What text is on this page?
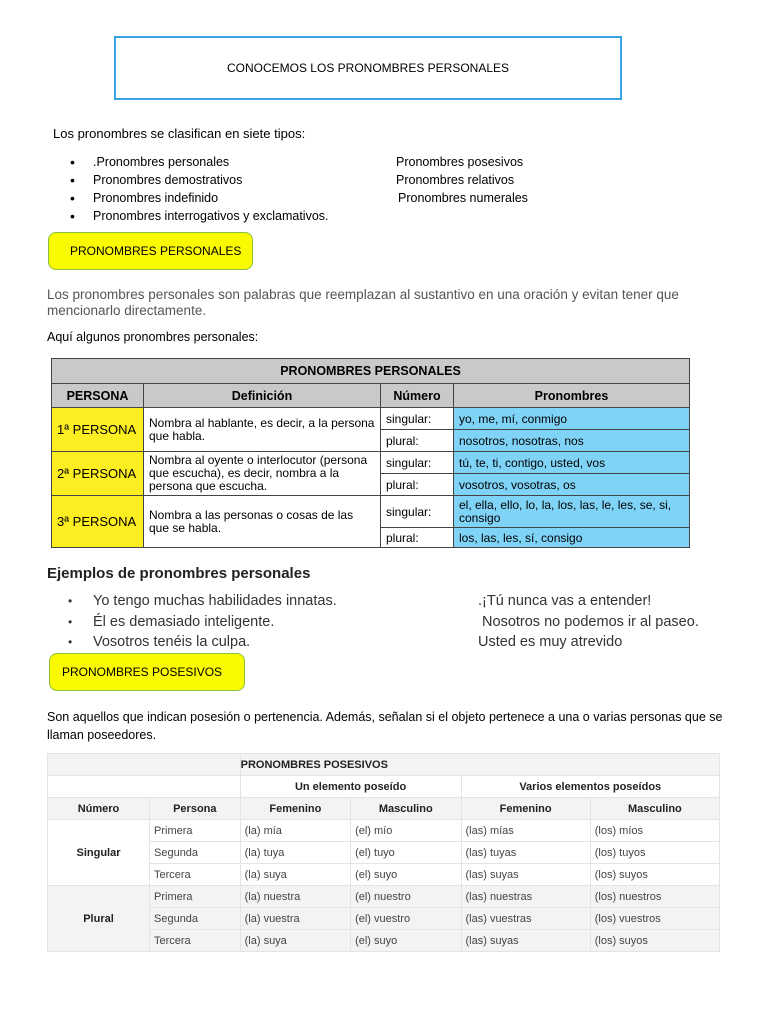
CONOCEMOS LOS PRONOMBRES PERSONALES
Los pronombres se clasifican en siete tipos:
•	.Pronombres personales	Pronombres posesivos
•	Pronombres demostrativos	Pronombres relativos
•	Pronombres indefinido	Pronombres numerales
•	Pronombres interrogativos y exclamativos.
PRONOMBRES PERSONALES
Los pronombres personales son palabras que reemplazan al sustantivo en una oración y evitan tener que mencionarlo directamente.
Aquí algunos pronombres personales:
PRONOMBRES PERSONALES			
PERSONA	Definición	Número	Pronombres
1ª PERSONA	Nombra al hablante, es decir, a la persona que habla.	singular:	yo, me, mí, conmigo
		plural:	nosotros, nosotras, nos
2ª PERSONA	Nombra al oyente o interlocutor (persona que escucha), es decir, nombra a la persona que escucha.	singular:	tú, te, ti, contigo, usted, vos
		plural:	vosotros, vosotras, os
3ª PERSONA	Nombra a las personas o cosas de las que se habla.	singular:	el, ella, ello, lo, la, los, las, le, les, se, si, consigo
		plural:	los, las, les, sí, consigo
Ejemplos de pronombres personales
•	Yo tengo muchas habilidades innatas.	.¡Tú nunca vas a entender!
•	Él es demasiado inteligente.	Nosotros no podemos ir al paseo.
•	Vosotros tenéis la culpa.	Usted es muy atrevido
PRONOMBRES POSESIVOS
Son aquellos que indican posesión o pertenencia. Además, señalan si el objeto pertenece a una o varias personas que se llaman poseedores.
		PRONOMBRES POSESIVOS			
		Un elemento poseído		Varios elementos poseídos	
Número	Persona	Femenino	Masculino	Femenino	Masculino
Singular	Primera	(la) mía	(el) mío	(las) mías	(los) míos
	Segunda	(la) tuya	(el) tuyo	(las) tuyas	(los) tuyos
	Tercera	(la) suya	(el) suyo	(las) suyas	(los) suyos
Plural	Primera	(la) nuestra	(el) nuestro	(las) nuestras	(los) nuestros
	Segunda	(la) vuestra	(el) vuestro	(las) vuestras	(los) vuestros
	Tercera	(la) suya	(el) suyo	(las) suyas	(los) suyos
